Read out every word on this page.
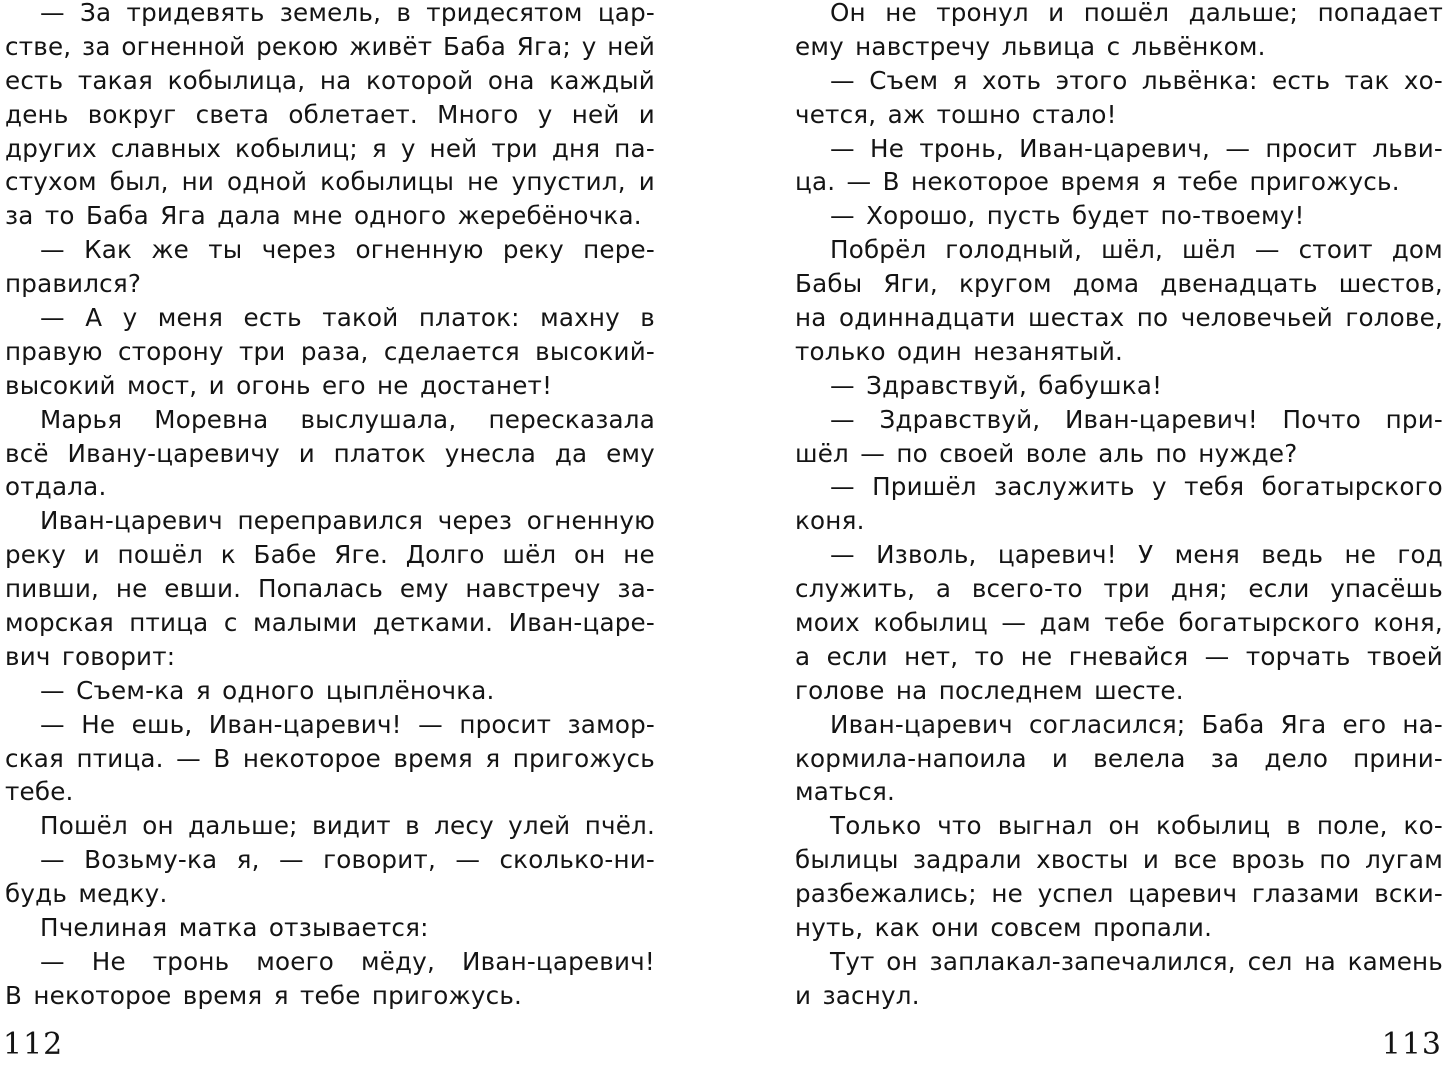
— За тридевять земель, в тридесятом цар-
стве, за огненной рекою живёт Баба Яга; у ней
есть такая кобылица, на которой она каждый
день вокруг света облетает. Много у ней и
других славных кобылиц; я у ней три дня па-
стухом был, ни одной кобылицы не упустил, и
за то Баба Яга дала мне одного жеребёночка.
— Как же ты через огненную реку пере-
правился?
— А у меня есть такой платок: махну в
правую сторону три раза, сделается высокий-
высокий мост, и огонь его не достанет!
Марья Моревна выслушала, пересказала
всё Ивану-царевичу и платок унесла да ему
отдала.
Иван-царевич переправился через огненную
реку и пошёл к Бабе Яге. Долго шёл он не
пивши, не евши. Попалась ему навстречу за-
морская птица с малыми детками. Иван-царе-
вич говорит:
— Съем-ка я одного цыплёночка.
— Не ешь, Иван-царевич! — просит замор-
ская птица. — В некоторое время я пригожусь
тебе.
Пошёл он дальше; видит в лесу улей пчёл.
— Возьму-ка я, — говорит, — сколько-ни-
будь медку.
Пчелиная матка отзывается:
— Не тронь моего мёду, Иван-царевич!
В некоторое время я тебе пригожусь.
Он не тронул и пошёл дальше; попадает
ему навстречу львица с львёнком.
— Съем я хоть этого львёнка: есть так хо-
чется, аж тошно стало!
— Не тронь, Иван-царевич, — просит льви-
ца. — В некоторое время я тебе пригожусь.
— Хорошо, пусть будет по-твоему!
Побрёл голодный, шёл, шёл — стоит дом
Бабы Яги, кругом дома двенадцать шестов,
на одиннадцати шестах по человечьей голове,
только один незанятый.
— Здравствуй, бабушка!
— Здравствуй, Иван-царевич! Почто при-
шёл — по своей воле аль по нужде?
— Пришёл заслужить у тебя богатырского
коня.
— Изволь, царевич! У меня ведь не год
служить, а всего-то три дня; если упасёшь
моих кобылиц — дам тебе богатырского коня,
а если нет, то не гневайся — торчать твоей
голове на последнем шесте.
Иван-царевич согласился; Баба Яга его на-
кормила-напоила и велела за дело прини-
маться.
Только что выгнал он кобылиц в поле, ко-
былицы задрали хвосты и все врозь по лугам
разбежались; не успел царевич глазами вски-
нуть, как они совсем пропали.
Тут он заплакал-запечалился, сел на камень
и заснул.
112	113
